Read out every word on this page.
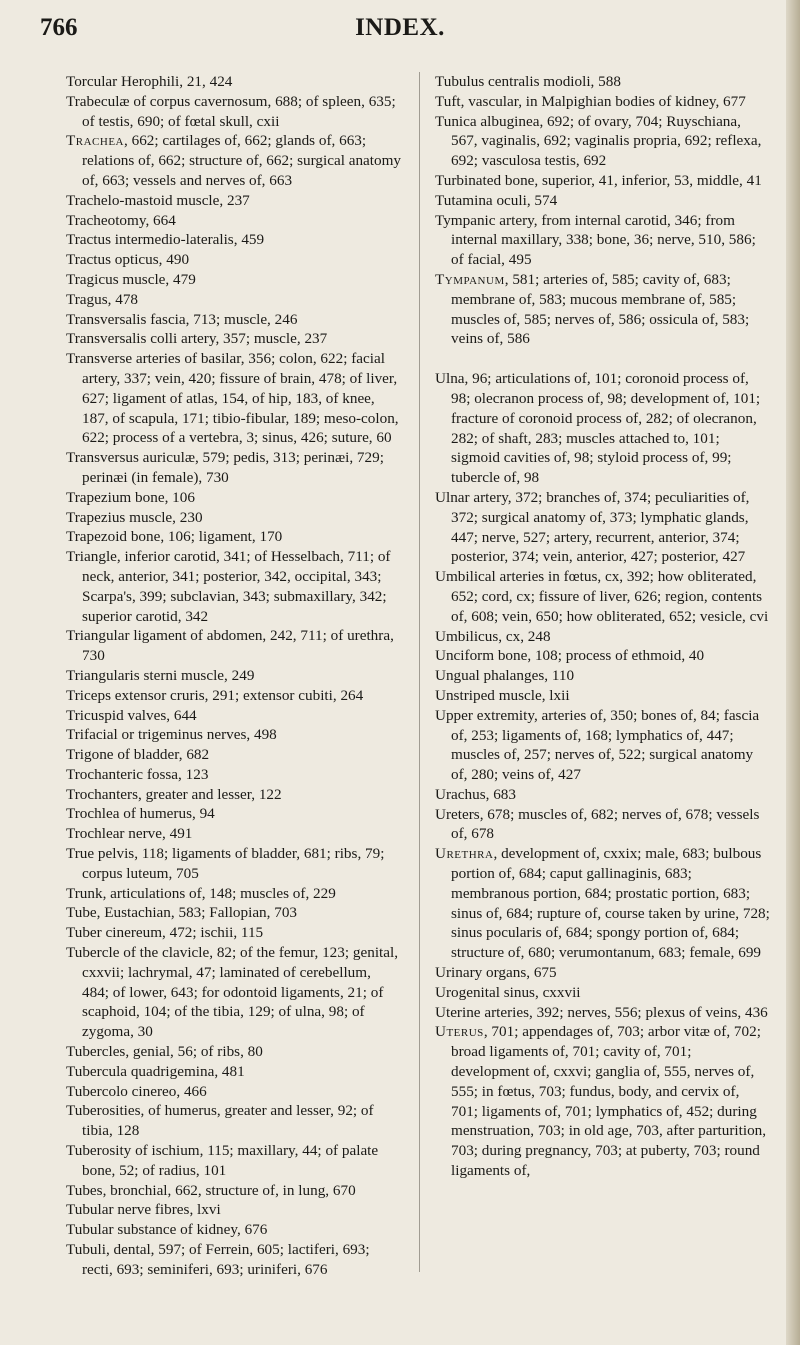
766	INDEX.

Torcular Herophili, 21, 424

Trabeculæ of corpus cavernosum, 688; of spleen, 635; of testis, 690; of fœtal skull, cxii

Trachea, 662; cartilages of, 662; glands of, 663; relations of, 662; structure of, 662; surgical anatomy of, 663; vessels and nerves of, 663

Trachelo-mastoid muscle, 237

Tracheotomy, 664

Tractus intermedio-lateralis, 459

Tractus opticus, 490

Tragicus muscle, 479

Tragus, 478

Transversalis fascia, 713; muscle, 246

Transversalis colli artery, 357; muscle, 237

Transverse arteries of basilar, 356; colon, 622; facial artery, 337; vein, 420; fissure of brain, 478; of liver, 627; ligament of atlas, 154, of hip, 183, of knee, 187, of scapula, 171; tibio-fibular, 189; meso-colon, 622; process of a vertebra, 3; sinus, 426; suture, 60

Transversus auriculæ, 579; pedis, 313; perinæi, 729; perinæi (in female), 730

Trapezium bone, 106

Trapezius muscle, 230

Trapezoid bone, 106; ligament, 170

Triangle, inferior carotid, 341; of Hesselbach, 711; of neck, anterior, 341; posterior, 342, occipital, 343; Scarpa's, 399; subclavian, 343; submaxillary, 342; superior carotid, 342

Triangular ligament of abdomen, 242, 711; of urethra, 730

Triangularis sterni muscle, 249

Triceps extensor cruris, 291; extensor cubiti, 264

Tricuspid valves, 644

Trifacial or trigeminus nerves, 498

Trigone of bladder, 682

Trochanteric fossa, 123

Trochanters, greater and lesser, 122

Trochlea of humerus, 94

Trochlear nerve, 491

True pelvis, 118; ligaments of bladder, 681; ribs, 79; corpus luteum, 705

Trunk, articulations of, 148; muscles of, 229

Tube, Eustachian, 583; Fallopian, 703

Tuber cinereum, 472; ischii, 115

Tubercle of the clavicle, 82; of the femur, 123; genital, cxxvii; lachrymal, 47; laminated of cerebellum, 484; of lower, 643; for odontoid ligaments, 21; of scaphoid, 104; of the tibia, 129; of ulna, 98; of zygoma, 30

Tubercles, genial, 56; of ribs, 80

Tubercula quadrigemina, 481

Tubercolo cinereo, 466

Tuberosities, of humerus, greater and lesser, 92; of tibia, 128

Tuberosity of ischium, 115; maxillary, 44; of palate bone, 52; of radius, 101

Tubes, bronchial, 662, structure of, in lung, 670

Tubular nerve fibres, lxvi

Tubular substance of kidney, 676

Tubuli, dental, 597; of Ferrein, 605; lactiferi, 693; recti, 693; seminiferi, 693; uriniferi, 676

Tubulus centralis modioli, 588

Tuft, vascular, in Malpighian bodies of kidney, 677

Tunica albuginea, 692; of ovary, 704; Ruyschiana, 567, vaginalis, 692; vaginalis propria, 692; reflexa, 692; vasculosa testis, 692

Turbinated bone, superior, 41, inferior, 53, middle, 41

Tutamina oculi, 574

Tympanic artery, from internal carotid, 346; from internal maxillary, 338; bone, 36; nerve, 510, 586; of facial, 495

Tympanum, 581; arteries of, 585; cavity of, 683; membrane of, 583; mucous membrane of, 585; muscles of, 585; nerves of, 586; ossicula of, 583; veins of, 586

Ulna, 96; articulations of, 101; coronoid process of, 98; olecranon process of, 98; development of, 101; fracture of coronoid process of, 282; of olecranon, 282; of shaft, 283; muscles attached to, 101; sigmoid cavities of, 98; styloid process of, 99; tubercle of, 98

Ulnar artery, 372; branches of, 374; peculiarities of, 372; surgical anatomy of, 373; lymphatic glands, 447; nerve, 527; artery, recurrent, anterior, 374; posterior, 374; vein, anterior, 427; posterior, 427

Umbilical arteries in fœtus, cx, 392; how obliterated, 652; cord, cx; fissure of liver, 626; region, contents of, 608; vein, 650; how obliterated, 652; vesicle, cvi

Umbilicus, cx, 248

Unciform bone, 108; process of ethmoid, 40

Ungual phalanges, 110

Unstriped muscle, lxii

Upper extremity, arteries of, 350; bones of, 84; fascia of, 253; ligaments of, 168; lymphatics of, 447; muscles of, 257; nerves of, 522; surgical anatomy of, 280; veins of, 427

Urachus, 683

Ureters, 678; muscles of, 682; nerves of, 678; vessels of, 678

Urethra, development of, cxxix; male, 683; bulbous portion of, 684; caput gallinaginis, 683; membranous portion, 684; prostatic portion, 683; sinus of, 684; rupture of, course taken by urine, 728; sinus pocularis of, 684; spongy portion of, 684; structure of, 680; verumontanum, 683; female, 699

Urinary organs, 675

Urogenital sinus, cxxvii

Uterine arteries, 392; nerves, 556; plexus of veins, 436

Uterus, 701; appendages of, 703; arbor vitæ of, 702; broad ligaments of, 701; cavity of, 701; development of, cxxvi; ganglia of, 555, nerves of, 555; in fœtus, 703; fundus, body, and cervix of, 701; ligaments of, 701; lymphatics of, 452; during menstruation, 703; in old age, 703, after parturition, 703; during pregnancy, 703; at puberty, 703; round ligaments of,
